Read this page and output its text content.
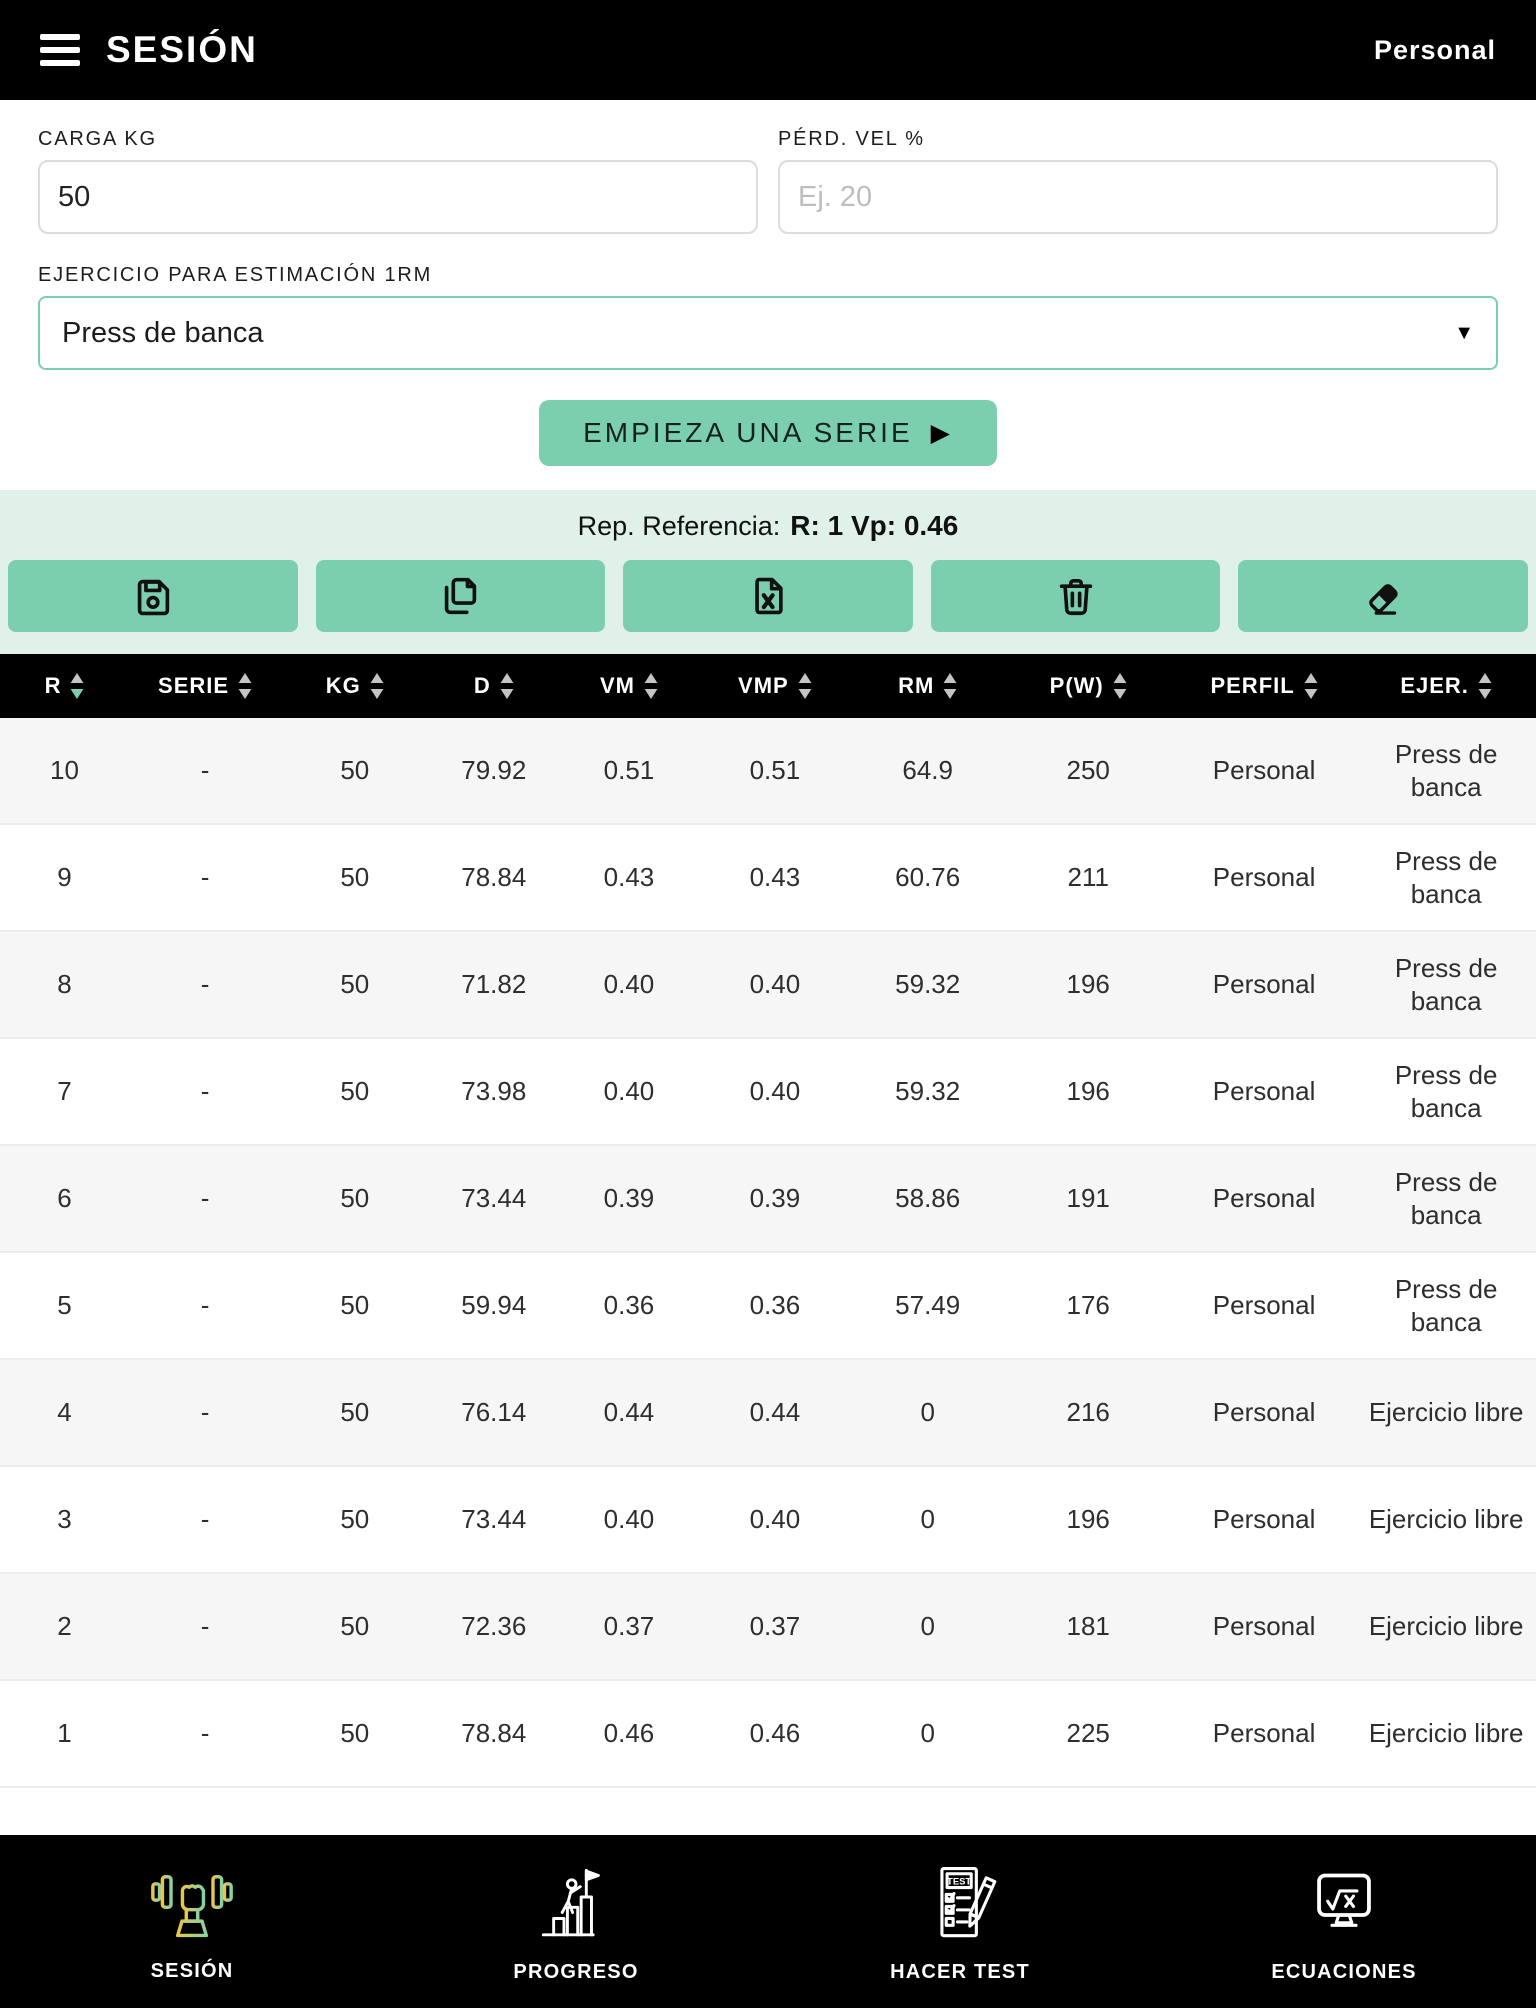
SESIÓN	Personal
CARGA KG
50	PÉRD. VEL %
Ej. 20
EJERCICIO PARA ESTIMACIÓN 1RM
Press de banca	▼
EMPIEZA UNA SERIE ▶
Rep. Referencia: R: 1 Vp: 0.46
R	SERIE	KG	D	VM	VMP	RM	P(W)	PERFIL	EJER.

10	-	50	79.92	0.51	0.51	64.9	250	Personal	Press de banca
9	-	50	78.84	0.43	0.43	60.76	211	Personal	Press de banca
8	-	50	71.82	0.40	0.40	59.32	196	Personal	Press de banca
7	-	50	73.98	0.40	0.40	59.32	196	Personal	Press de banca
6	-	50	73.44	0.39	0.39	58.86	191	Personal	Press de banca
5	-	50	59.94	0.36	0.36	57.49	176	Personal	Press de banca
4	-	50	76.14	0.44	0.44	0	216	Personal	Ejercicio libre
3	-	50	73.44	0.40	0.40	0	196	Personal	Ejercicio libre
2	-	50	72.36	0.37	0.37	0	181	Personal	Ejercicio libre
1	-	50	78.84	0.46	0.46	0	225	Personal	Ejercicio libre
SESIÓN	PROGRESO
TEST
HACER TEST	ECUACIONES
